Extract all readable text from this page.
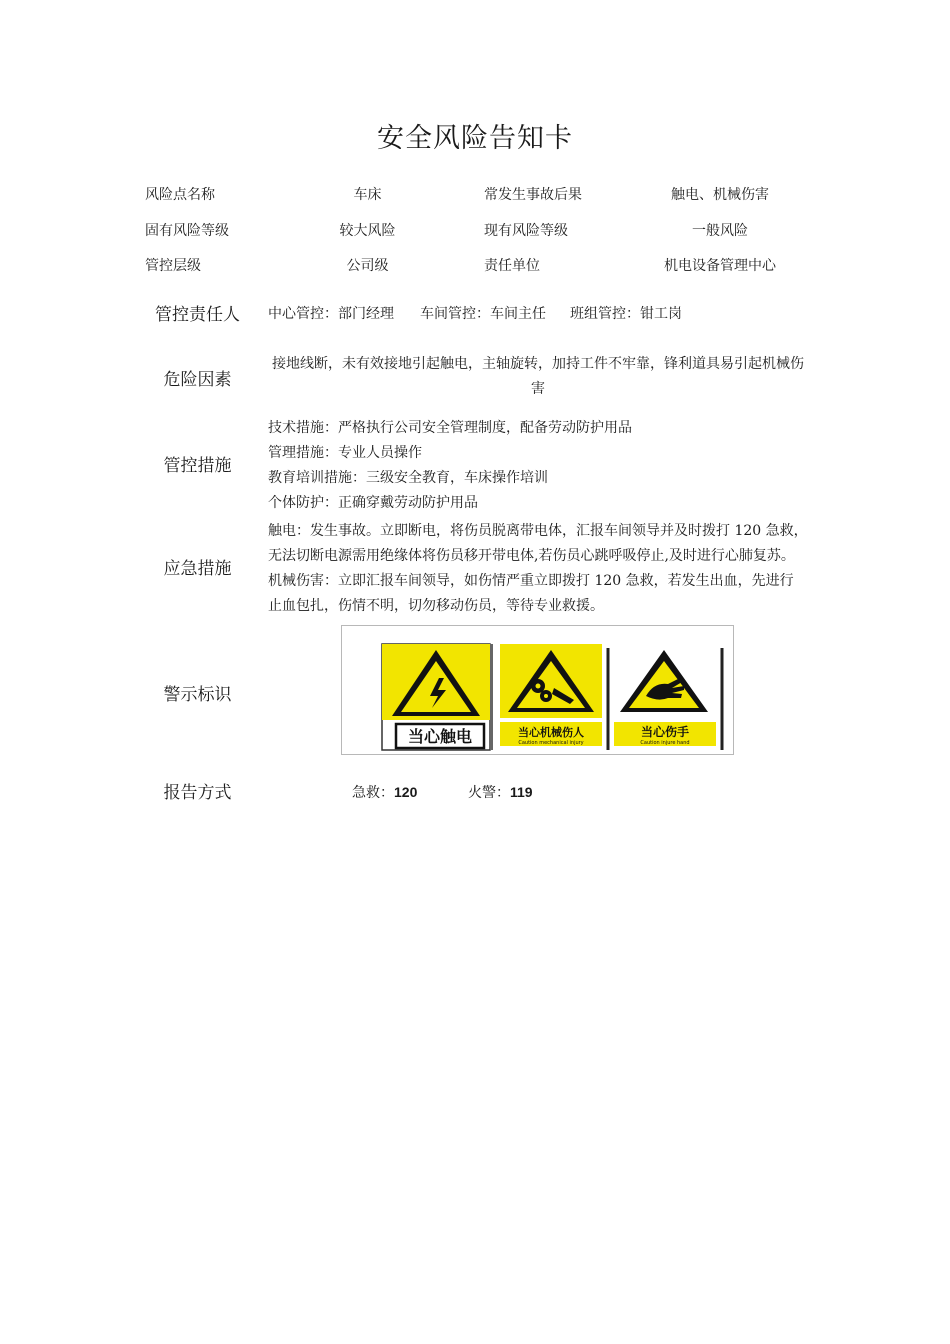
安全风险告知卡
风险点名称	车床	常发生事故后果	触电、机械伤害
固有风险等级	较大风险	现有风险等级	一般风险
管控层级	公司级	责任单位	机电设备管理中心
管控责任人	中心管控：部门经理 车间管控：车间主任 班组管控：钳工岗
危险因素
接地线断，未有效接地引起触电，主轴旋转，加持工件不牢靠，锋利道具易引起机械伤害
管控措施
技术措施：严格执行公司安全管理制度，配备劳动防护用品
管理措施：专业人员操作
教育培训措施：三级安全教育，车床操作培训
个体防护：正确穿戴劳动防护用品
应急措施
触电：发生事故。立即断电，将伤员脱离带电体，汇报车间领导并及时拨打 120 急救，
无法切断电源需用绝缘体将伤员移开带电体,若伤员心跳呼吸停止,及时进行心肺复苏。
机械伤害：立即汇报车间领导，如伤情严重立即拨打 120 急救，若发生出血，先进行
止血包扎，伤情不明，切勿移动伤员，等待专业救援。
警示标识
当心触电	当心机械伤人
Caution mechanical injury
当心伤手
Caution injure hand
报告方式	急救：120	火警：119
